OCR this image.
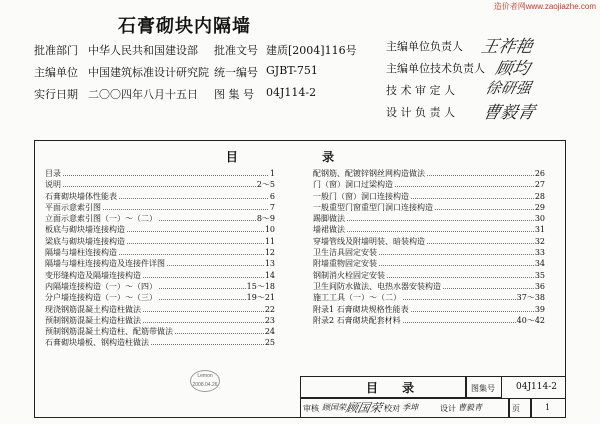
造价者网www.zaojiazhe.com
石膏砌块内隔墙
批准部门 中华人民共和国建设部 批准文号 建质[2004]116号
主编单位 中国建筑标准设计研究院 统一编号 GJBT-751
实行日期 二〇〇四年八月十五日 图 集 号 04J114-2
主编单位负责人 王祚艳
主编单位技术负责人 顾均
技 术 审 定 人 徐研强
设 计 负 责 人 曹毅青
目 录
目录	1
说明	2～5
石膏砌块墙体性能表	6
平面示意索引图	7
立面示意索引图（一）～（二）	8～9
板底与砌块墙连接构造	10
梁底与砌块墙连接构造	11
隔墙与墙柱连接构造	12
隔墙与墙柱连接构造及连接件详图	13
变形缝构造及隔墙连接构造	14
内隔墙连接构造（一）～（四）	15～18
分户墙连接构造（一）～（三）	19～21
现浇钢筋混凝土构造柱做法	22
预制钢筋混凝土构造柱做法	23
预制钢筋混凝土构造柱、配筋带做法	24
石膏砌块墙板、钢构造柱做法	25
配钢筋、配镀锌钢丝网构造做法	26
门（窗）洞口过梁构造	27
一般门（窗）洞口连接构造	28
一般重型门窗重型门洞口连接构造	29
踢脚做法	30
墙裙做法	31
穿墙管线及附墙明装、暗装构造	32
卫生洁具固定安装	33
附墙重物固定安装	34
钢制消火栓固定安装	35
卫生间防水做法、电热水器安装构造	36
施工工具（一）～（二）	37～38
附录1 石膏砌块规格性能表	39
附录2 石膏砌块配套材料	40～42
Lemon
2008.04.26	目 录	图集号 04J114-2
审核 顾国荣
顾国荣 校对 季坤	设计 曹毅青	页	1
